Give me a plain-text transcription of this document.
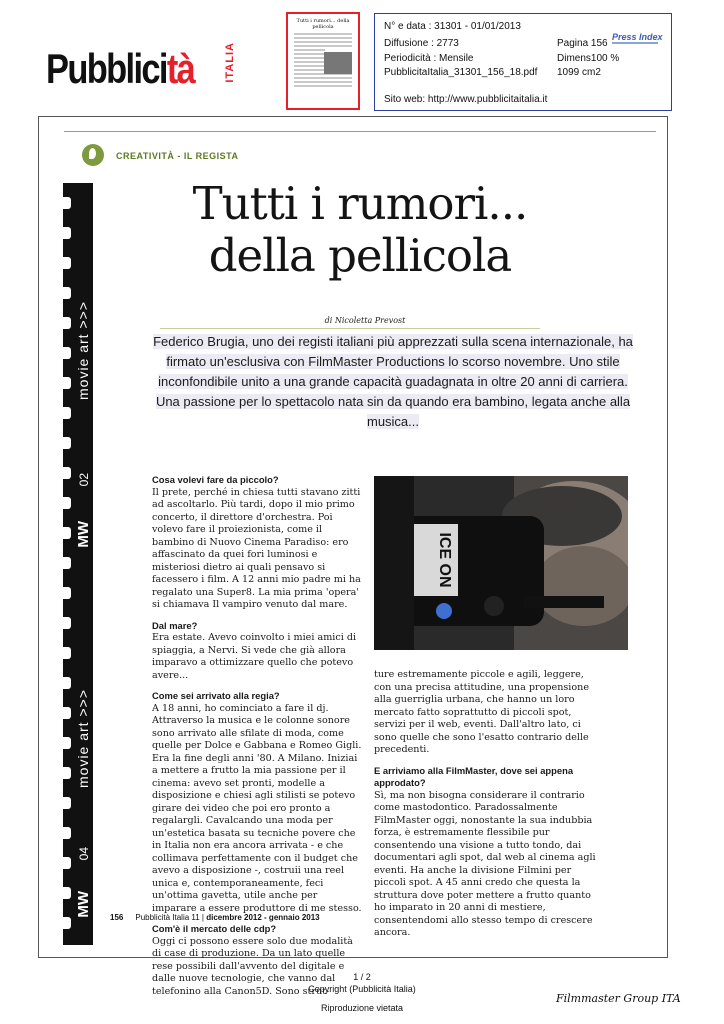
Pubblicità	ITALIA
Tutti i rumori... della pellicola	N° e data : 31301 - 01/01/2013
Diffusione : 2773
Periodicità : Mensile
PubblicitaItalia_31301_156_18.pdf
Pagina 156
Dimens100 %
1099 cm2
Sito web: http://www.pubblicitaitalia.it
Press Index
movie art >>>
02
MW
movie art >>>
04
MW
CREATIVITÀ - IL REGISTA
Tutti i rumori...
della pellicola
di Nicoletta Prevost
Federico Brugia, uno dei registi italiani più apprezzati sulla scena internazionale, ha firmato un'esclusiva con FilmMaster Productions lo scorso novembre. Uno stile inconfondibile unito a una grande capacità guadagnata in oltre 20 anni di carriera. Una passione per lo spettacolo nata sin da quando era bambino, legata anche alla musica...

Cosa volevi fare da piccolo?

Il prete, perché in chiesa tutti stavano zitti ad ascoltarlo. Più tardi, dopo il mio primo concerto, il direttore d'orchestra. Poi volevo fare il proiezionista, come il bambino di Nuovo Cinema Paradiso: ero affascinato da quei fori luminosi e misteriosi dietro ai quali pensavo si facessero i film. A 12 anni mio padre mi ha regalato una Super8. La mia prima 'opera' si chiamava Il vampiro venuto dal mare.

Dal mare?

Era estate. Avevo coinvolto i miei amici di spiaggia, a Nervi. Si vede che già allora imparavo a ottimizzare quello che potevo avere...

Come sei arrivato alla regia?

A 18 anni, ho cominciato a fare il dj. Attraverso la musica e le colonne sonore sono arrivato alle sfilate di moda, come quelle per Dolce e Gabbana e Romeo Gigli. Era la fine degli anni '80. A Milano. Iniziai a mettere a frutto la mia passione per il cinema: avevo set pronti, modelle a disposizione e chiesi agli stilisti se potevo girare dei video che poi ero pronto a regalargli. Cavalcando una moda per un'estetica basata su tecniche povere che in Italia non era ancora arrivata - e che collimava perfettamente con il budget che avevo a disposizione -, costruii una reel unica e, contemporaneamente, feci un'ottima gavetta, utile anche per imparare a essere produttore di me stesso.

Com'è il mercato delle cdp?

Oggi ci possono essere solo due modalità di case di produzione. Da un lato quelle rese possibili dall'avvento del digitale e dalle nuove tecnologie, che vanno dal telefonino alla Canon5D. Sono strut-

ICE ON

ture estremamente piccole e agili, leggere, con una precisa attitudine, una propensione alla guerriglia urbana, che hanno un loro mercato fatto soprattutto di piccoli spot, servizi per il web, eventi. Dall'altro lato, ci sono quelle che sono l'esatto contrario delle precedenti.

E arriviamo alla FilmMaster, dove sei appena approdato?

Sì, ma non bisogna considerare il contrario come mastodontico. Paradossalmente FilmMaster oggi, nonostante la sua indubbia forza, è estremamente flessibile pur consentendo una visione a tutto tondo, dai documentari agli spot, dal web al cinema agli eventi. Ha anche la divisione Filmini per piccoli spot. A 45 anni credo che questa la struttura dove poter mettere a frutto quanto ho imparato in 20 anni di mestiere, consentendomi allo stesso tempo di crescere ancora.

156 Pubblicità Italia 11 | dicembre 2012 - gennaio 2013
1 / 2
Copyright (Pubblicità Italia)
Riproduzione vietata
Filmmaster Group ITA
